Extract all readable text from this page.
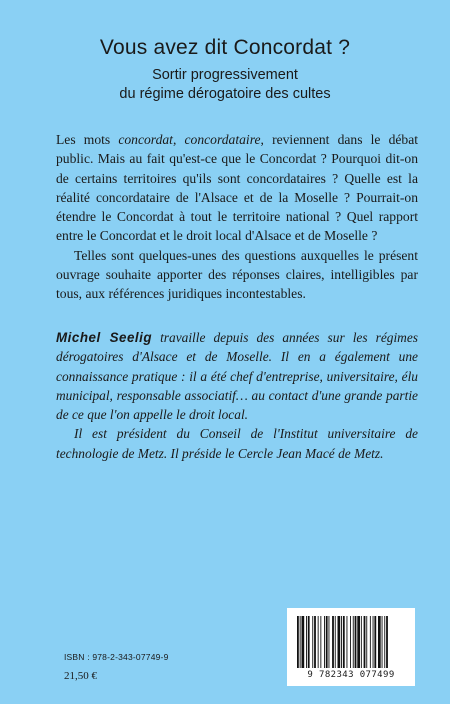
Vous avez dit Concordat ?
Sortir progressivement
du régime dérogatoire des cultes

Les mots concordat, concordataire, reviennent dans le débat public. Mais au fait qu'est-ce que le Concordat ? Pourquoi dit-on de certains territoires qu'ils sont concordataires ? Quelle est la réalité concordataire de l'Alsace et de la Moselle ? Pourrait-on étendre le Concordat à tout le territoire national ? Quel rapport entre le Concordat et le droit local d'Alsace et de Moselle ?

Telles sont quelques-unes des questions auxquelles le présent ouvrage souhaite apporter des réponses claires, intelligibles par tous, aux références juridiques incontestables.

Michel Seelig travaille depuis des années sur les régimes dérogatoires d'Alsace et de Moselle. Il en a également une connaissance pratique : il a été chef d'entreprise, universitaire, élu municipal, responsable associatif… au contact d'une grande partie de ce que l'on appelle le droit local.

Il est président du Conseil de l'Institut universitaire de technologie de Metz. Il préside le Cercle Jean Macé de Metz.

ISBN : 978-2-343-07749-9
21,50 €	9 782343 077499
